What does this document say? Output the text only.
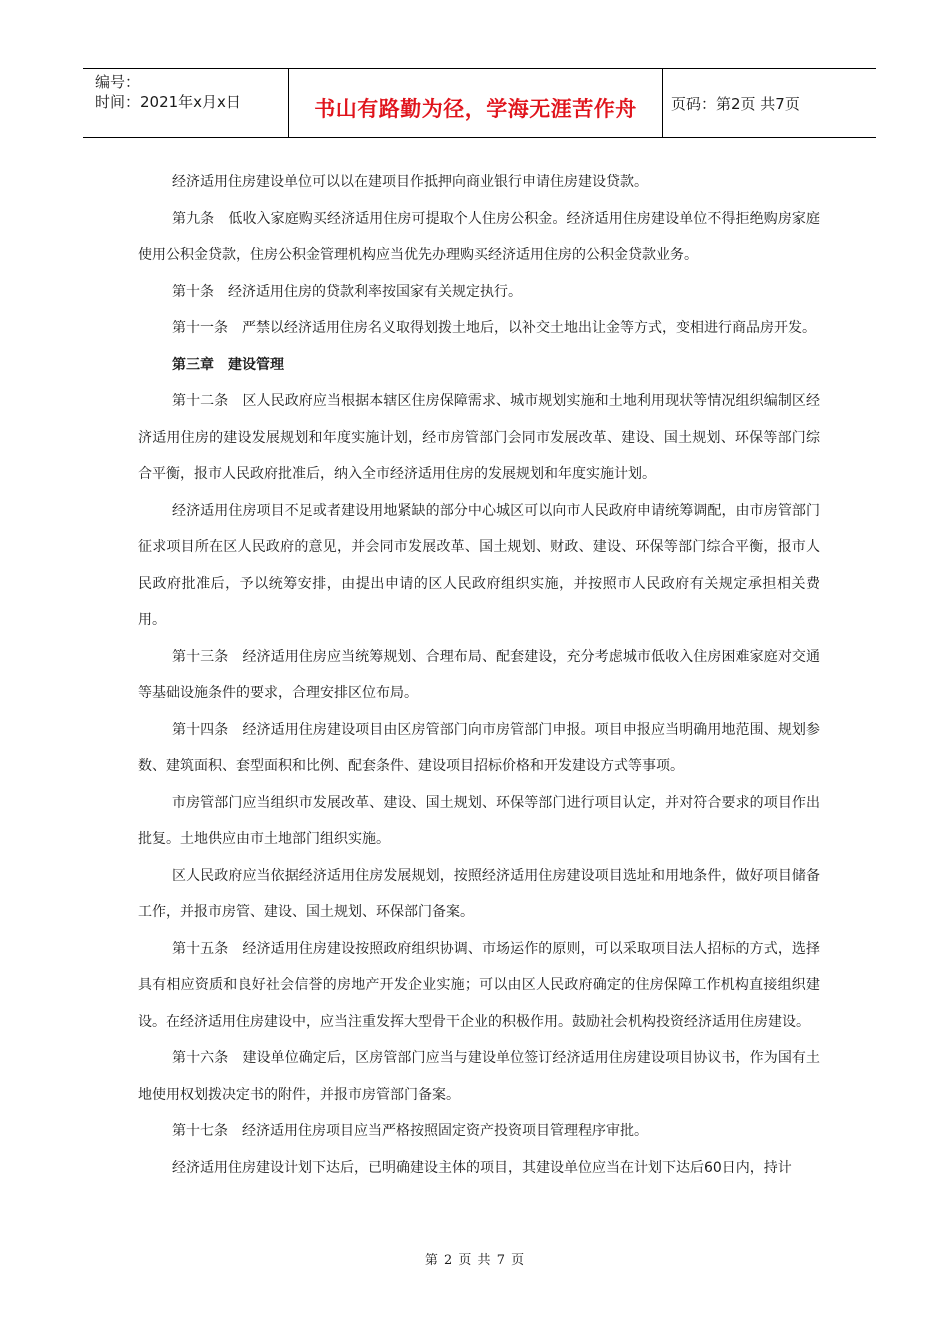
编号：
时间：2021年x月x日	书山有路勤为径，学海无涯苦作舟	页码：第2页 共7页

经济适用住房建设单位可以以在建项目作抵押向商业银行申请住房建设贷款。

第九条　低收入家庭购买经济适用住房可提取个人住房公积金。经济适用住房建设单位不得拒绝购房家庭使用公积金贷款，住房公积金管理机构应当优先办理购买经济适用住房的公积金贷款业务。

第十条　经济适用住房的贷款利率按国家有关规定执行。

第十一条　严禁以经济适用住房名义取得划拨土地后，以补交土地出让金等方式，变相进行商品房开发。

第三章　建设管理

第十二条　区人民政府应当根据本辖区住房保障需求、城市规划实施和土地利用现状等情况组织编制区经济适用住房的建设发展规划和年度实施计划，经市房管部门会同市发展改革、建设、国土规划、环保等部门综合平衡，报市人民政府批准后，纳入全市经济适用住房的发展规划和年度实施计划。

经济适用住房项目不足或者建设用地紧缺的部分中心城区可以向市人民政府申请统筹调配，由市房管部门征求项目所在区人民政府的意见，并会同市发展改革、国土规划、财政、建设、环保等部门综合平衡，报市人民政府批准后，予以统筹安排，由提出申请的区人民政府组织实施，并按照市人民政府有关规定承担相关费用。

第十三条　经济适用住房应当统筹规划、合理布局、配套建设，充分考虑城市低收入住房困难家庭对交通等基础设施条件的要求，合理安排区位布局。

第十四条　经济适用住房建设项目由区房管部门向市房管部门申报。项目申报应当明确用地范围、规划参数、建筑面积、套型面积和比例、配套条件、建设项目招标价格和开发建设方式等事项。

市房管部门应当组织市发展改革、建设、国土规划、环保等部门进行项目认定，并对符合要求的项目作出批复。土地供应由市土地部门组织实施。

区人民政府应当依据经济适用住房发展规划，按照经济适用住房建设项目选址和用地条件，做好项目储备工作，并报市房管、建设、国土规划、环保部门备案。

第十五条　经济适用住房建设按照政府组织协调、市场运作的原则，可以采取项目法人招标的方式，选择具有相应资质和良好社会信誉的房地产开发企业实施；可以由区人民政府确定的住房保障工作机构直接组织建设。在经济适用住房建设中，应当注重发挥大型骨干企业的积极作用。鼓励社会机构投资经济适用住房建设。

第十六条　建设单位确定后，区房管部门应当与建设单位签订经济适用住房建设项目协议书，作为国有土地使用权划拨决定书的附件，并报市房管部门备案。

第十七条　经济适用住房项目应当严格按照固定资产投资项目管理程序审批。

经济适用住房建设计划下达后，已明确建设主体的项目，其建设单位应当在计划下达后60日内，持计

第 2 页 共 7 页
